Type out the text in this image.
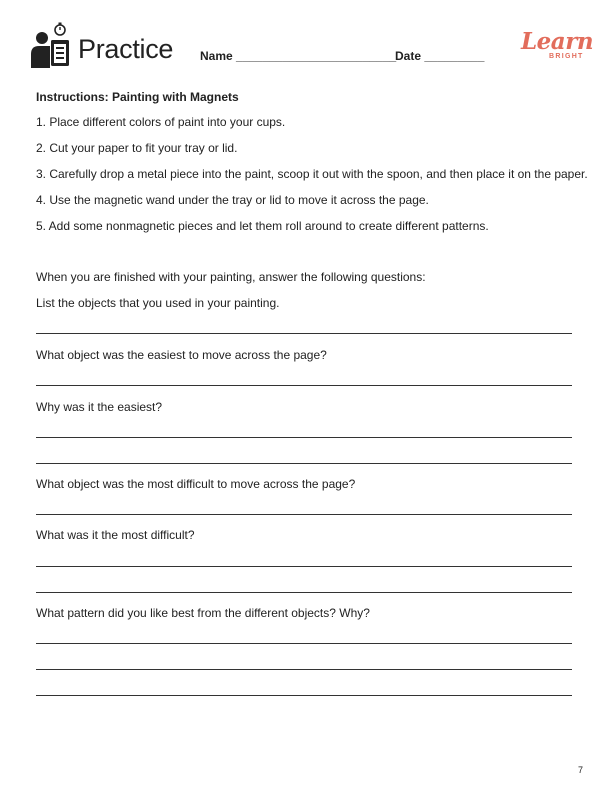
Practice Name ________________________
Date _________
Learn
BRIGHT
Instructions: Painting with Magnets
1. Place different colors of paint into your cups.
2. Cut your paper to fit your tray or lid.
3. Carefully drop a metal piece into the paint, scoop it out with the spoon, and then place it on the paper.
4. Use the magnetic wand under the tray or lid to move it across the page.
5. Add some nonmagnetic pieces and let them roll around to create different patterns.
When you are finished with your painting, answer the following questions:
List the objects that you used in your painting.
What object was the easiest to move across the page?
Why was it the easiest?
What object was the most difficult to move across the page?
What was it the most difficult?
What pattern did you like best from the different objects? Why?
7
